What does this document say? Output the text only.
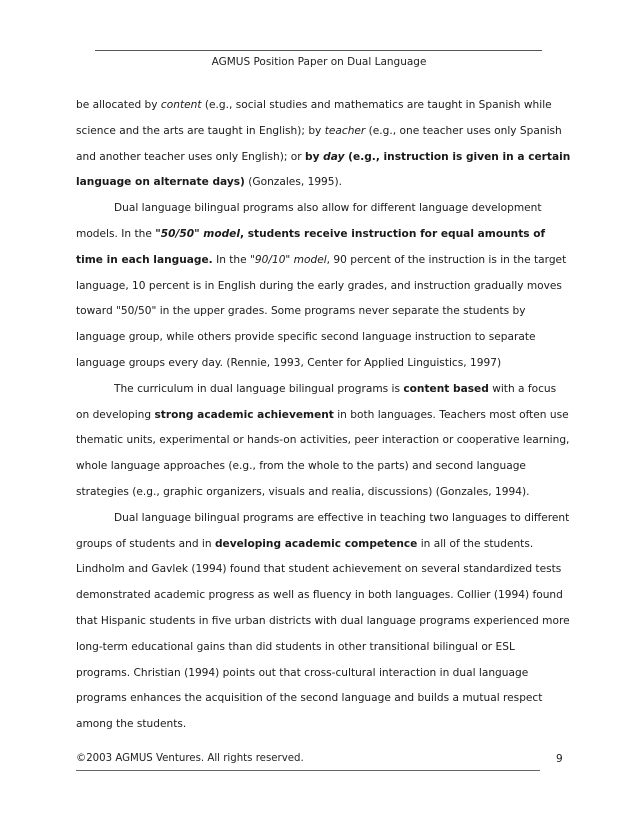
AGMUS Position Paper on Dual Language
be allocated by content (e.g., social studies and mathematics are taught in Spanish while
science and the arts are taught in English); by teacher (e.g., one teacher uses only Spanish
and another teacher uses only English); or by day (e.g., instruction is given in a certain
language on alternate days) (Gonzales, 1995).
Dual language bilingual programs also allow for different language development
models. In the "50/50" model, students receive instruction for equal amounts of
time in each language. In the "90/10" model, 90 percent of the instruction is in the target
language, 10 percent is in English during the early grades, and instruction gradually moves
toward "50/50" in the upper grades. Some programs never separate the students by
language group, while others provide specific second language instruction to separate
language groups every day. (Rennie, 1993, Center for Applied Linguistics, 1997)
The curriculum in dual language bilingual programs is content based with a focus
on developing strong academic achievement in both languages. Teachers most often use
thematic units, experimental or hands-on activities, peer interaction or cooperative learning,
whole language approaches (e.g., from the whole to the parts) and second language
strategies (e.g., graphic organizers, visuals and realia, discussions) (Gonzales, 1994).
Dual language bilingual programs are effective in teaching two languages to different
groups of students and in developing academic competence in all of the students.
Lindholm and Gavlek (1994) found that student achievement on several standardized tests
demonstrated academic progress as well as fluency in both languages. Collier (1994) found
that Hispanic students in five urban districts with dual language programs experienced more
long-term educational gains than did students in other transitional bilingual or ESL
programs. Christian (1994) points out that cross-cultural interaction in dual language
programs enhances the acquisition of the second language and builds a mutual respect
among the students.
©2003 AGMUS Ventures. All rights reserved.	9
